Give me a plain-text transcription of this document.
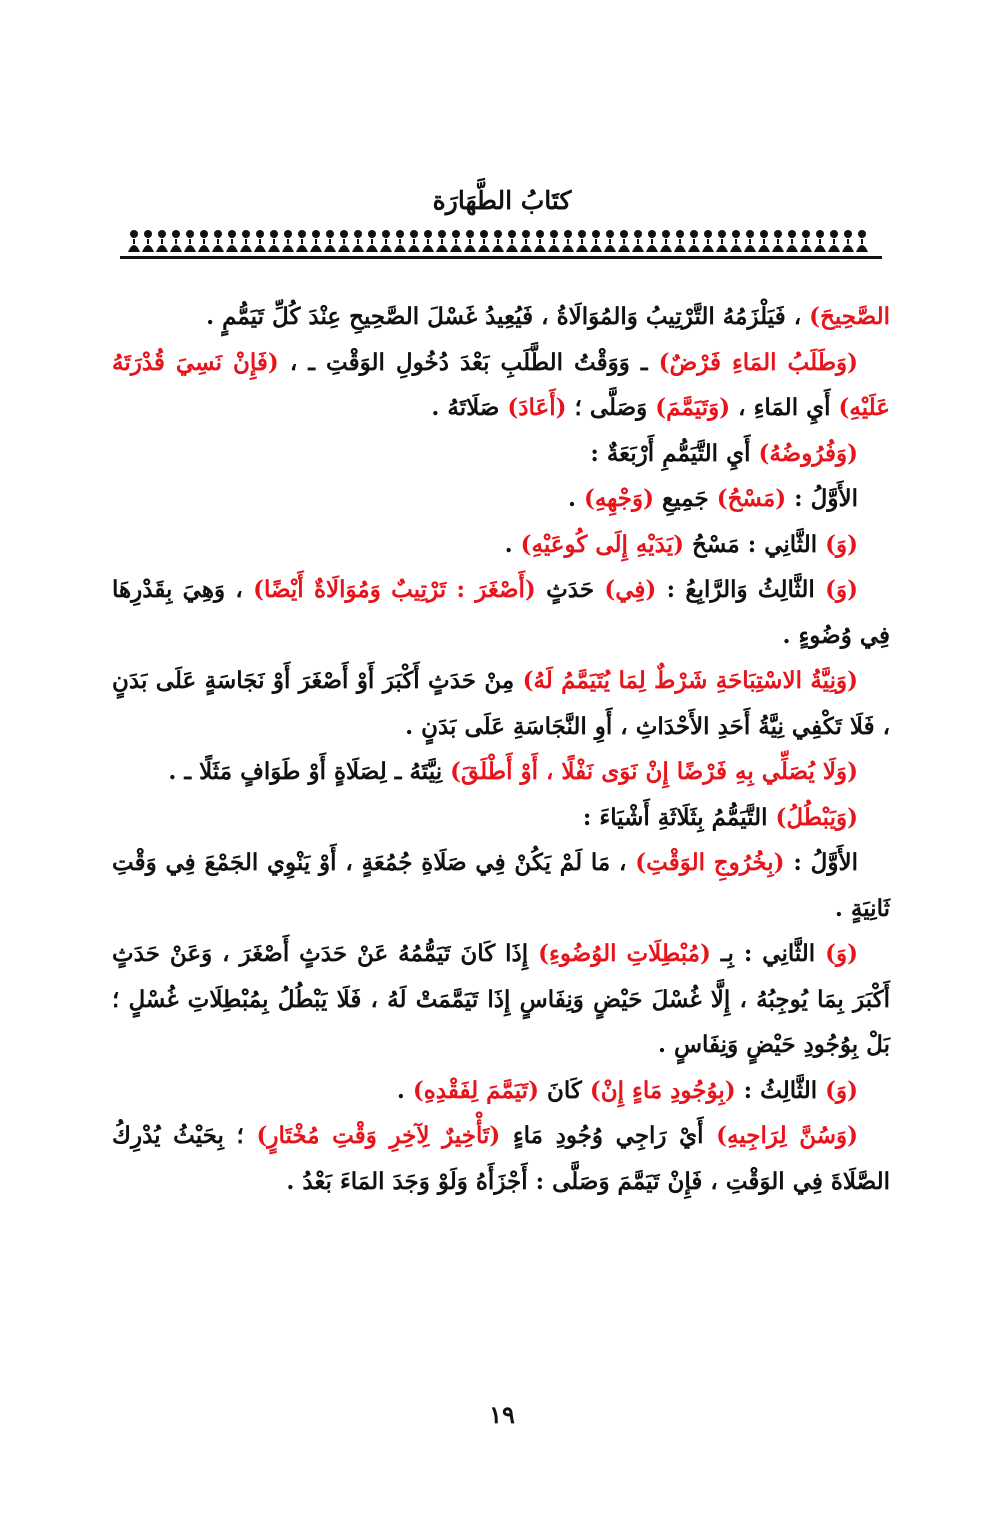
كتَابُ الطَّهَارَة

الصَّحِيحَ) ، فَيَلْزَمُهُ التَّرْتِيبُ وَالمُوَالَاةُ ، فَيُعِيدُ غَسْلَ الصَّحِيحِ عِنْدَ كُلِّ تَيَمُّمٍ .

(وَطَلَبُ المَاءِ فَرْضٌ) ـ وَوَقْتُ الطَّلَبِ بَعْدَ دُخُولِ الوَقْتِ ـ ، (فَإِنْ نَسِيَ قُدْرَتَهُ عَلَيْهِ) أَيِ المَاءِ ، (وَتَيَمَّمَ) وَصَلَّى ؛ (أَعَادَ) صَلَاتَهُ .

(وَفُرُوضُهُ) أَيِ التَّيَمُّمِ أَرْبَعَةٌ :

الأَوَّلُ : (مَسْحُ) جَمِيعِ (وَجْهِهِ) .

(وَ) الثَّانِي : مَسْحُ (يَدَيْهِ إِلَى كُوعَيْهِ) .

(وَ) الثَّالِثُ وَالرَّابِعُ : (فِي) حَدَثٍ (أَصْغَرَ : تَرْتِيبٌ وَمُوَالَاةٌ أَيْضًا) ، وَهِيَ بِقَدْرِهَا فِي وُضُوءٍ .

(وَنِيَّةُ الاسْتِبَاحَةِ شَرْطٌ لِمَا يُتَيَمَّمُ لَهُ) مِنْ حَدَثٍ أَكْبَرَ أَوْ أَصْغَرَ أَوْ نَجَاسَةٍ عَلَى بَدَنٍ ، فَلَا تَكْفِي نِيَّةُ أَحَدِ الأَحْدَاثِ ، أَوِ النَّجَاسَةِ عَلَى بَدَنٍ .

(وَلَا يُصَلِّي بِهِ فَرْضًا إِنْ نَوَى نَفْلًا ، أَوْ أَطْلَقَ) نِيَّتَهُ ـ لِصَلَاةٍ أَوْ طَوَافٍ مَثَلًا ـ .

(وَيَبْطُلُ) التَّيَمُّمُ بِثَلَاثَةِ أَشْيَاءَ :

الأَوَّلُ : (بِخُرُوجِ الوَقْتِ) ، مَا لَمْ يَكُنْ فِي صَلَاةِ جُمُعَةٍ ، أَوْ يَنْوِي الجَمْعَ فِي وَقْتِ ثَانِيَةٍ .

(وَ) الثَّانِي : بِـ (مُبْطِلَاتِ الوُضُوءِ) إِذَا كَانَ تَيَمُّمُهُ عَنْ حَدَثٍ أَصْغَرَ ، وَعَنْ حَدَثٍ أَكْبَرَ بِمَا يُوجِبُهُ ، إِلَّا غُسْلَ حَيْضٍ وَنِفَاسٍ إِذَا تَيَمَّمَتْ لَهُ ، فَلَا يَبْطُلُ بِمُبْطِلَاتِ غُسْلٍ ؛ بَلْ بِوُجُودِ حَيْضٍ وَنِفَاسٍ .

(وَ) الثَّالِثُ : (بِوُجُودِ مَاءٍ إِنْ) كَانَ (تَيَمَّمَ لِفَقْدِهِ) .

(وَسُنَّ لِرَاجِيهِ) أَيْ رَاجِي وُجُودِ مَاءٍ (تَأْخِيرٌ لِآخِرِ وَقْتِ مُخْتَارٍ) ؛ بِحَيْثُ يُدْرِكُ الصَّلَاةَ فِي الوَقْتِ ، فَإِنْ تَيَمَّمَ وَصَلَّى : أَجْزَأَهُ وَلَوْ وَجَدَ المَاءَ بَعْدُ .

١٩
